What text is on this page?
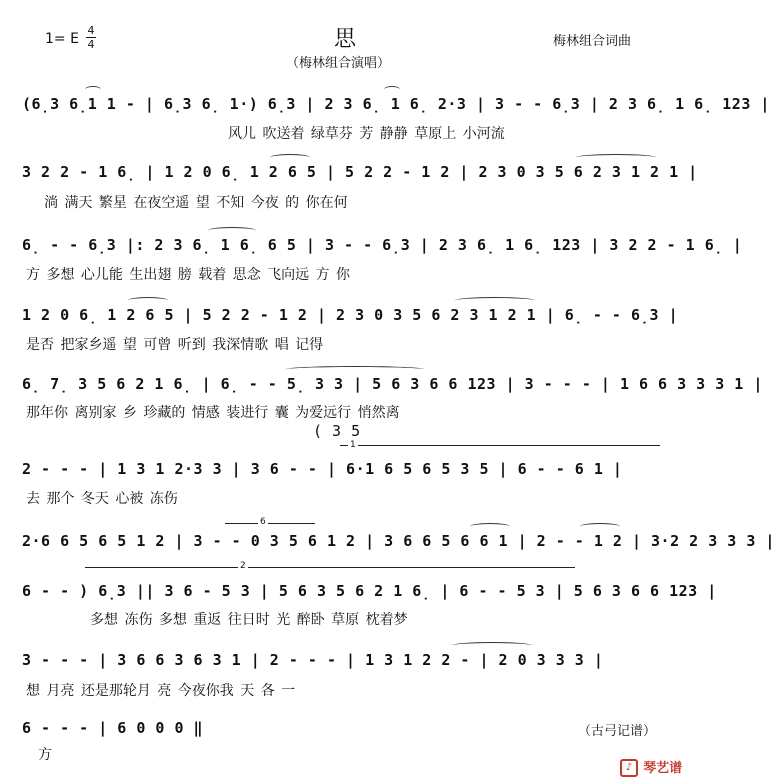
思
1= E
4
4	梅林组合词曲
（梅林组合演唱）
(6̣3 6̣1 1 - | 6̣3 6̣ 1·) 6̣3 | 2 3 6̣ 1 6̣ 2·3 | 3 - - 6̣3 | 2 3 6̣ 1 6̣ 123 |
风儿 吹送着 绿草芬 芳 静静 草原上 小河流
3 2 2 - 1 6̣ | 1 2 0 6̣ 1 2 6 5 | 5 2 2 - 1 2 | 2 3 0 3 5 6 2 3 1 2 1 |
淌 满天 繁星 在夜空遥 望 不知 今夜 的 你在何
6̣ - - 6̣3 |: 2 3 6̣ 1 6̣ 6 5 | 3 - - 6̣3 | 2 3 6̣ 1 6̣ 123 | 3 2 2 - 1 6̣ |
方 多想 心儿能 生出翅 膀 载着 思念 飞向远 方 你
1 2 0 6̣ 1 2 6 5 | 5 2 2 - 1 2 | 2 3 0 3 5 6 2 3 1 2 1 | 6̣ - - 6̣3 |
是否 把家乡遥 望 可曾 听到 我深情歌 唱 记得
6̣ 7̣ 3 5 6 2 1 6̣ | 6̣ - - 5̣ 3 3 | 5 6 3 6 6 123 | 3 - - - | 1 6 6 3 3 3 1 |
那年你 离别家 乡 珍藏的 情感 装进行 囊 为爱远行 悄然离
( 3 5
1
2 - - - | 1 3 1 2·3 3 | 3 6 - - | 6·1 6 5 6 5 3 5 | 6 - - 6 1 |
去 那个 冬天 心被 冻伤
6
2·6 6 5 6 5 1 2 | 3 - - 0 3 5 6 1 2 | 3 6 6 5 6 6 1 | 2 - - 1 2 | 3·2 2 3 3 3 |
2
6 - - ) 6̣3 || 3 6 - 5 3 | 5 6 3 5 6 2 1 6̣ | 6 - - 5 3 | 5 6 3 6 6 123 |
多想 冻伤 多想 重返 往日时 光 醉卧 草原 枕着梦
3 - - - | 3 6 6 3 6 3 1 | 2 - - - | 1 3 1 2 2 - | 2 0 3 3 3 |
想 月亮 还是那轮月 亮 今夜你我 天 各 一
6 - - - | 6 0 0 0 ‖
方
（古弓记谱）
♪ 琴艺谱
